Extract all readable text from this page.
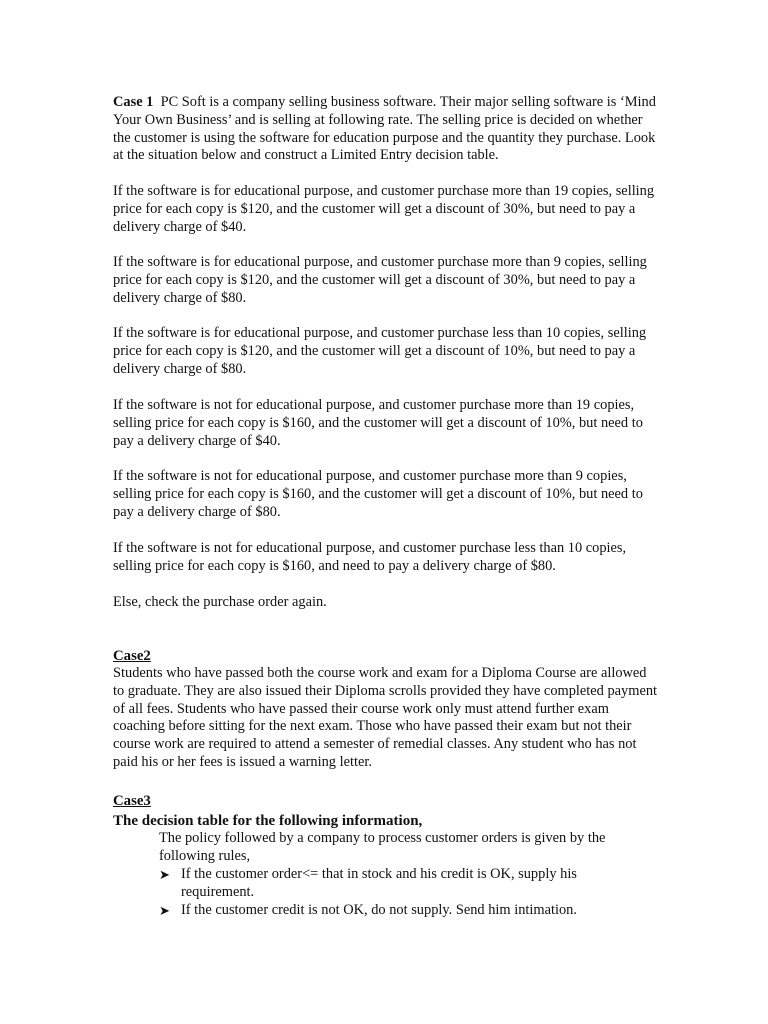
Case 1 PC Soft is a company selling business software. Their major selling software is ‘Mind Your Own Business’ and is selling at following rate. The selling price is decided on whether the customer is using the software for education purpose and the quantity they purchase. Look at the situation below and construct a Limited Entry decision table.

If the software is for educational purpose, and customer purchase more than 19 copies, selling price for each copy is $120, and the customer will get a discount of 30%, but need to pay a delivery charge of $40.

If the software is for educational purpose, and customer purchase more than 9 copies, selling price for each copy is $120, and the customer will get a discount of 30%, but need to pay a delivery charge of $80.

If the software is for educational purpose, and customer purchase less than 10 copies, selling price for each copy is $120, and the customer will get a discount of 10%, but need to pay a delivery charge of $80.

If the software is not for educational purpose, and customer purchase more than 19 copies, selling price for each copy is $160, and the customer will get a discount of 10%, but need to pay a delivery charge of $40.

If the software is not for educational purpose, and customer purchase more than 9 copies, selling price for each copy is $160, and the customer will get a discount of 10%, but need to pay a delivery charge of $80.

If the software is not for educational purpose, and customer purchase less than 10 copies, selling price for each copy is $160, and need to pay a delivery charge of $80.

Else, check the purchase order again.

Case2

Students who have passed both the course work and exam for a Diploma Course are allowed to graduate. They are also issued their Diploma scrolls provided they have completed payment of all fees. Students who have passed their course work only must attend further exam coaching before sitting for the next exam. Those who have passed their exam but not their course work are required to attend a semester of remedial classes. Any student who has not paid his or her fees is issued a warning letter.

Case3

The decision table for the following information,

The policy followed by a company to process customer orders is given by the following rules,

➤ If the customer order<= that in stock and his credit is OK, supply his requirement.
➤ If the customer credit is not OK, do not supply. Send him intimation.
